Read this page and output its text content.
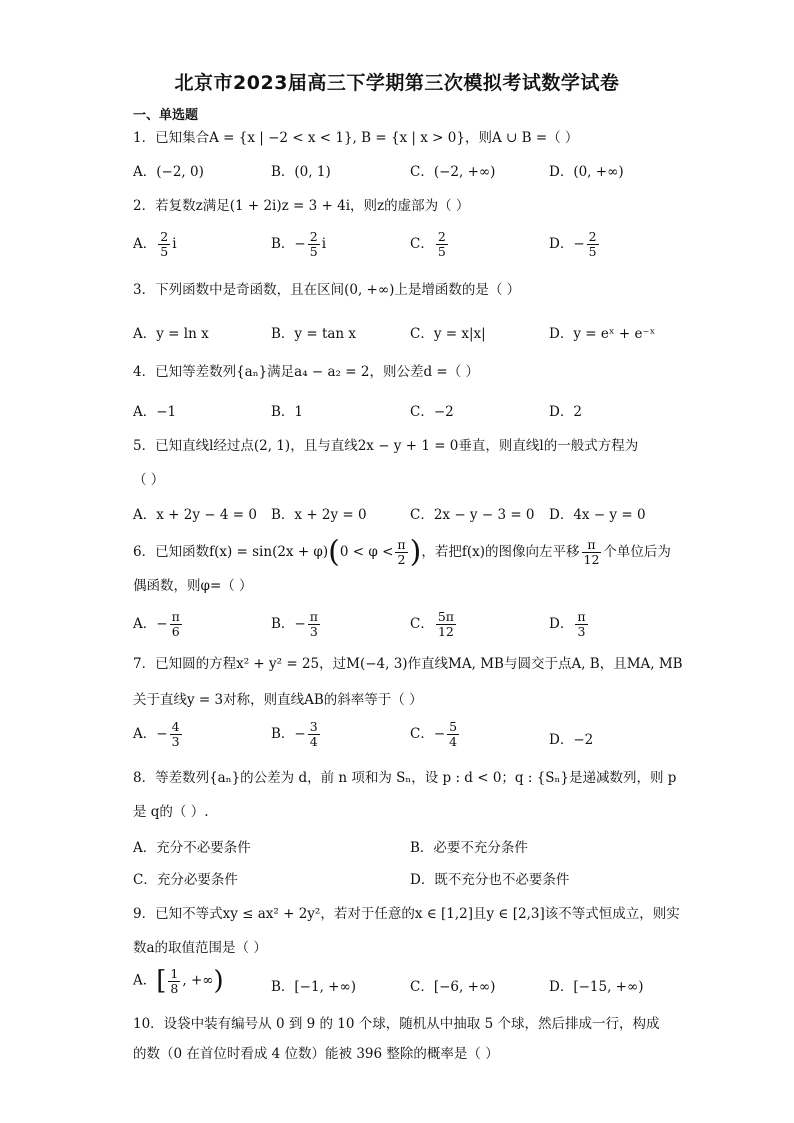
北京市2023届高三下学期第三次模拟考试数学试卷
一、单选题
1．已知集合A = {x | −2 < x < 1}, B = {x | x > 0}，则A ∪ B =（ ）
A．(−2, 0)	B．(0, 1)	C．(−2, +∞)	D．(0, +∞)
2．若复数z满足(1 + 2i)z = 3 + 4i，则z的虚部为（ ）
A． $\frac{2}{5}$ i	B．− $\frac{2}{5}$ i	C． $\frac{2}{5}$	D．− $\frac{2}{5}$
3．下列函数中是奇函数，且在区间(0, +∞)上是增函数的是（ ）
A．y = ln x	B．y = tan x	C．y = x|x|	D．y = eˣ + e⁻ˣ
4．已知等差数列{aₙ}满足a₄ − a₂ = 2，则公差d =（ ）
A．−1	B．1	C．−2	D．2
5．已知直线l经过点(2, 1)，且与直线2x − y + 1 = 0垂直，则直线l的一般式方程为
（ ）
A．x + 2y − 4 = 0 B．x + 2y = 0	C．2x − y − 3 = 0 D．4x − y = 0
6．已知函数$f(x) = \sin(2x + \varphi)(0 < \varphi < \frac{\pi}{2}$ )，若把f(x)的图像向左平移 $\frac{\pi}{12}$ 个单位后为
偶函数，则φ=（ ）
A．− $\frac{\pi}{6}$	B．− $\frac{\pi}{3}$	C． $\frac{5\pi}{12}$	D． $\frac{\pi}{3}$
7．已知圆的方程x² + y² = 25，过M(−4, 3)作直线MA, MB与圆交于点A, B，且MA, MB
关于直线y = 3对称，则直线AB的斜率等于（ ）
A．− $\frac{4}{3}$	B．− $\frac{3}{4}$	C．− $\frac{5}{4}$	D．−2
8．等差数列{aₙ}的公差为 d，前 n 项和为 Sₙ，设 p : d < 0；q : {Sₙ}是递减数列，则 p
是 q的（ ）.
A．充分不必要条件	B．必要不充分条件
C．充分必要条件	D．既不充分也不必要条件
9．已知不等式xy ≤ ax² + 2y²，若对于任意的x ∈ [1,2]且y ∈ [2,3]该不等式恒成立，则实
数a的取值范围是（ ）
A．[ $\frac{1}{8}$ , +∞)	B．[−1, +∞)	C．[−6, +∞)	D．[−15, +∞)
10．设袋中装有编号从 0 到 9 的 10 个球，随机从中抽取 5 个球，然后排成一行，构成
的数（0 在首位时看成 4 位数）能被 396 整除的概率是（ ）
